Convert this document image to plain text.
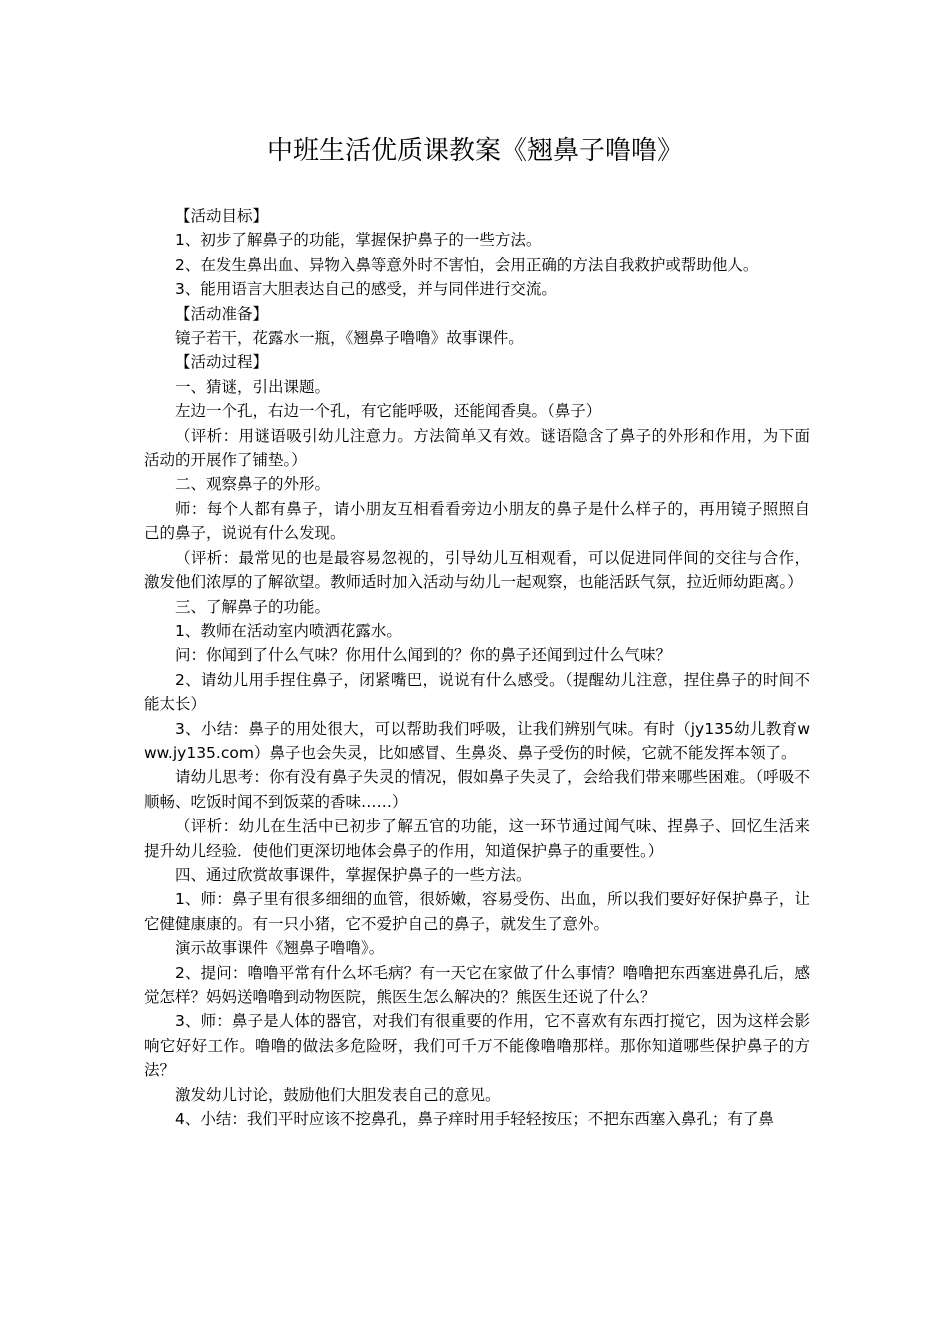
中班生活优质课教案《翘鼻子噜噜》

【活动目标】

1、初步了解鼻子的功能，掌握保护鼻子的一些方法。

2、在发生鼻出血、异物入鼻等意外时不害怕，会用正确的方法自我救护或帮助他人。

3、能用语言大胆表达自己的感受，并与同伴进行交流。

【活动准备】

镜子若干，花露水一瓶，《翘鼻子噜噜》故事课件。

【活动过程】

一、猜谜，引出课题。

左边一个孔，右边一个孔，有它能呼吸，还能闻香臭。（鼻子）

（评析：用谜语吸引幼儿注意力。方法简单又有效。谜语隐含了鼻子的外形和作用，为下面活动的开展作了铺垫。）

二、观察鼻子的外形。

师：每个人都有鼻子，请小朋友互相看看旁边小朋友的鼻子是什么样子的，再用镜子照照自己的鼻子，说说有什么发现。

（评析：最常见的也是最容易忽视的，引导幼儿互相观看，可以促进同伴间的交往与合作，激发他们浓厚的了解欲望。教师适时加入活动与幼儿一起观察，也能活跃气氛，拉近师幼距离。）

三、了解鼻子的功能。

1、教师在活动室内喷洒花露水。

问：你闻到了什么气味？你用什么闻到的？你的鼻子还闻到过什么气味？

2、请幼儿用手捏住鼻子，闭紧嘴巴，说说有什么感受。（提醒幼儿注意，捏住鼻子的时间不能太长）

3、小结：鼻子的用处很大，可以帮助我们呼吸，让我们辨别气味。有时（jy135幼儿教育www.jy135.com）鼻子也会失灵，比如感冒、生鼻炎、鼻子受伤的时候，它就不能发挥本领了。

请幼儿思考：你有没有鼻子失灵的情况，假如鼻子失灵了，会给我们带来哪些困难。（呼吸不顺畅、吃饭时闻不到饭菜的香味……）

（评析：幼儿在生活中已初步了解五官的功能，这一环节通过闻气味、捏鼻子、回忆生活来提升幼儿经验．使他们更深切地体会鼻子的作用，知道保护鼻子的重要性。）

四、通过欣赏故事课件，掌握保护鼻子的一些方法。

1、师：鼻子里有很多细细的血管，很娇嫩，容易受伤、出血，所以我们要好好保护鼻子，让它健健康康的。有一只小猪，它不爱护自己的鼻子，就发生了意外。

演示故事课件《翘鼻子噜噜》。

2、提问：噜噜平常有什么坏毛病？有一天它在家做了什么事情？噜噜把东西塞进鼻孔后，感觉怎样？妈妈送噜噜到动物医院，熊医生怎么解决的？熊医生还说了什么？

3、师：鼻子是人体的器官，对我们有很重要的作用，它不喜欢有东西打搅它，因为这样会影响它好好工作。噜噜的做法多危险呀，我们可千万不能像噜噜那样。那你知道哪些保护鼻子的方法？

激发幼儿讨论，鼓励他们大胆发表自己的意见。

4、小结：我们平时应该不挖鼻孔，鼻子痒时用手轻轻按压；不把东西塞入鼻孔；有了鼻
